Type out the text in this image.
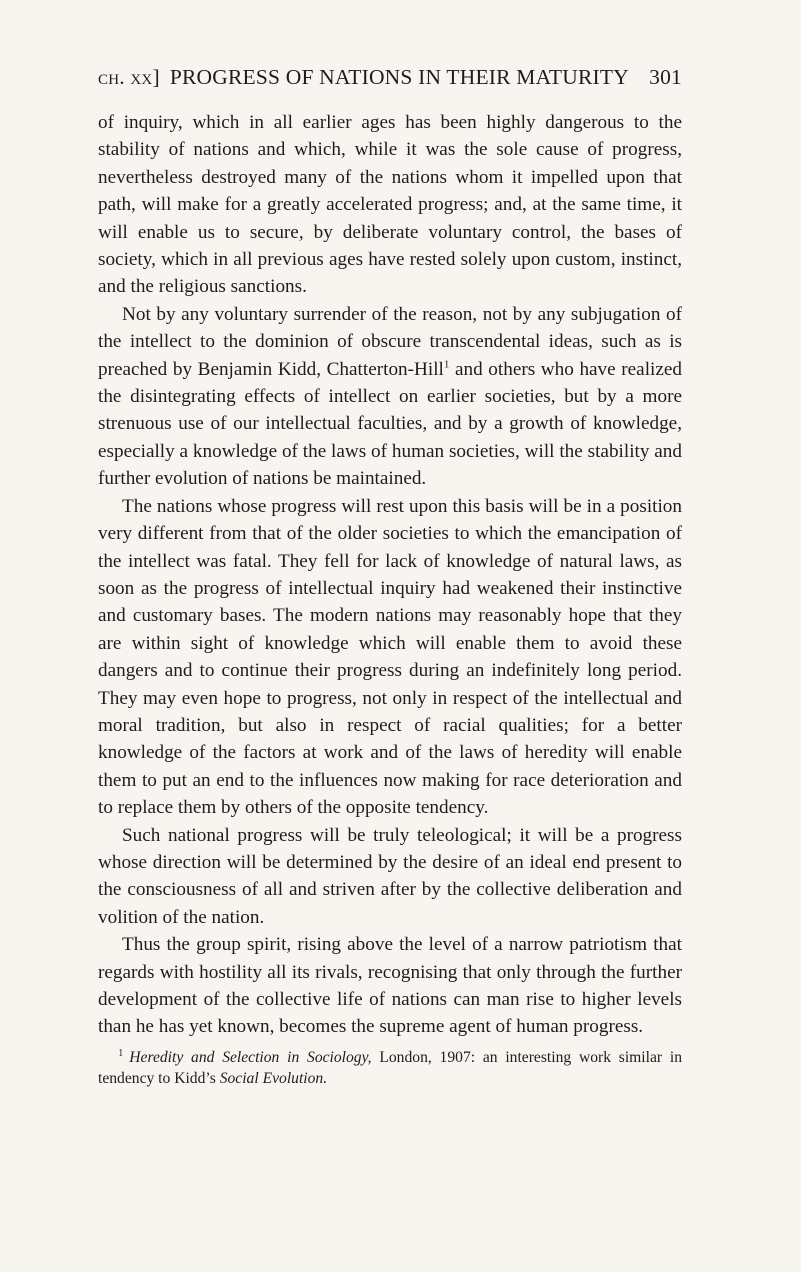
ch. xx] PROGRESS OF NATIONS IN THEIR MATURITY 301

of inquiry, which in all earlier ages has been highly dangerous to the stability of nations and which, while it was the sole cause of progress, nevertheless destroyed many of the nations whom it impelled upon that path, will make for a greatly accelerated progress; and, at the same time, it will enable us to secure, by deliberate voluntary control, the bases of society, which in all previous ages have rested solely upon custom, instinct, and the religious sanctions.

Not by any voluntary surrender of the reason, not by any subjugation of the intellect to the dominion of obscure transcendental ideas, such as is preached by Benjamin Kidd, Chatterton-Hill$^1$ and others who have realized the disintegrating effects of intellect on earlier societies, but by a more strenuous use of our intellectual faculties, and by a growth of knowledge, especially a knowledge of the laws of human societies, will the stability and further evolution of nations be maintained.

The nations whose progress will rest upon this basis will be in a position very different from that of the older societies to which the emancipation of the intellect was fatal. They fell for lack of knowledge of natural laws, as soon as the progress of intellectual inquiry had weakened their instinctive and customary bases. The modern nations may reasonably hope that they are within sight of knowledge which will enable them to avoid these dangers and to continue their progress during an indefinitely long period. They may even hope to progress, not only in respect of the intellectual and moral tradition, but also in respect of racial qualities; for a better knowledge of the factors at work and of the laws of heredity will enable them to put an end to the influences now making for race deterioration and to replace them by others of the opposite tendency.

Such national progress will be truly teleological; it will be a progress whose direction will be determined by the desire of an ideal end present to the consciousness of all and striven after by the collective deliberation and volition of the nation.

Thus the group spirit, rising above the level of a narrow patriotism that regards with hostility all its rivals, recognising that only through the further development of the collective life of nations can man rise to higher levels than he has yet known, becomes the supreme agent of human progress.

$^1$ Heredity and Selection in Sociology, London, 1907: an interesting work similar in tendency to Kidd’s Social Evolution.
